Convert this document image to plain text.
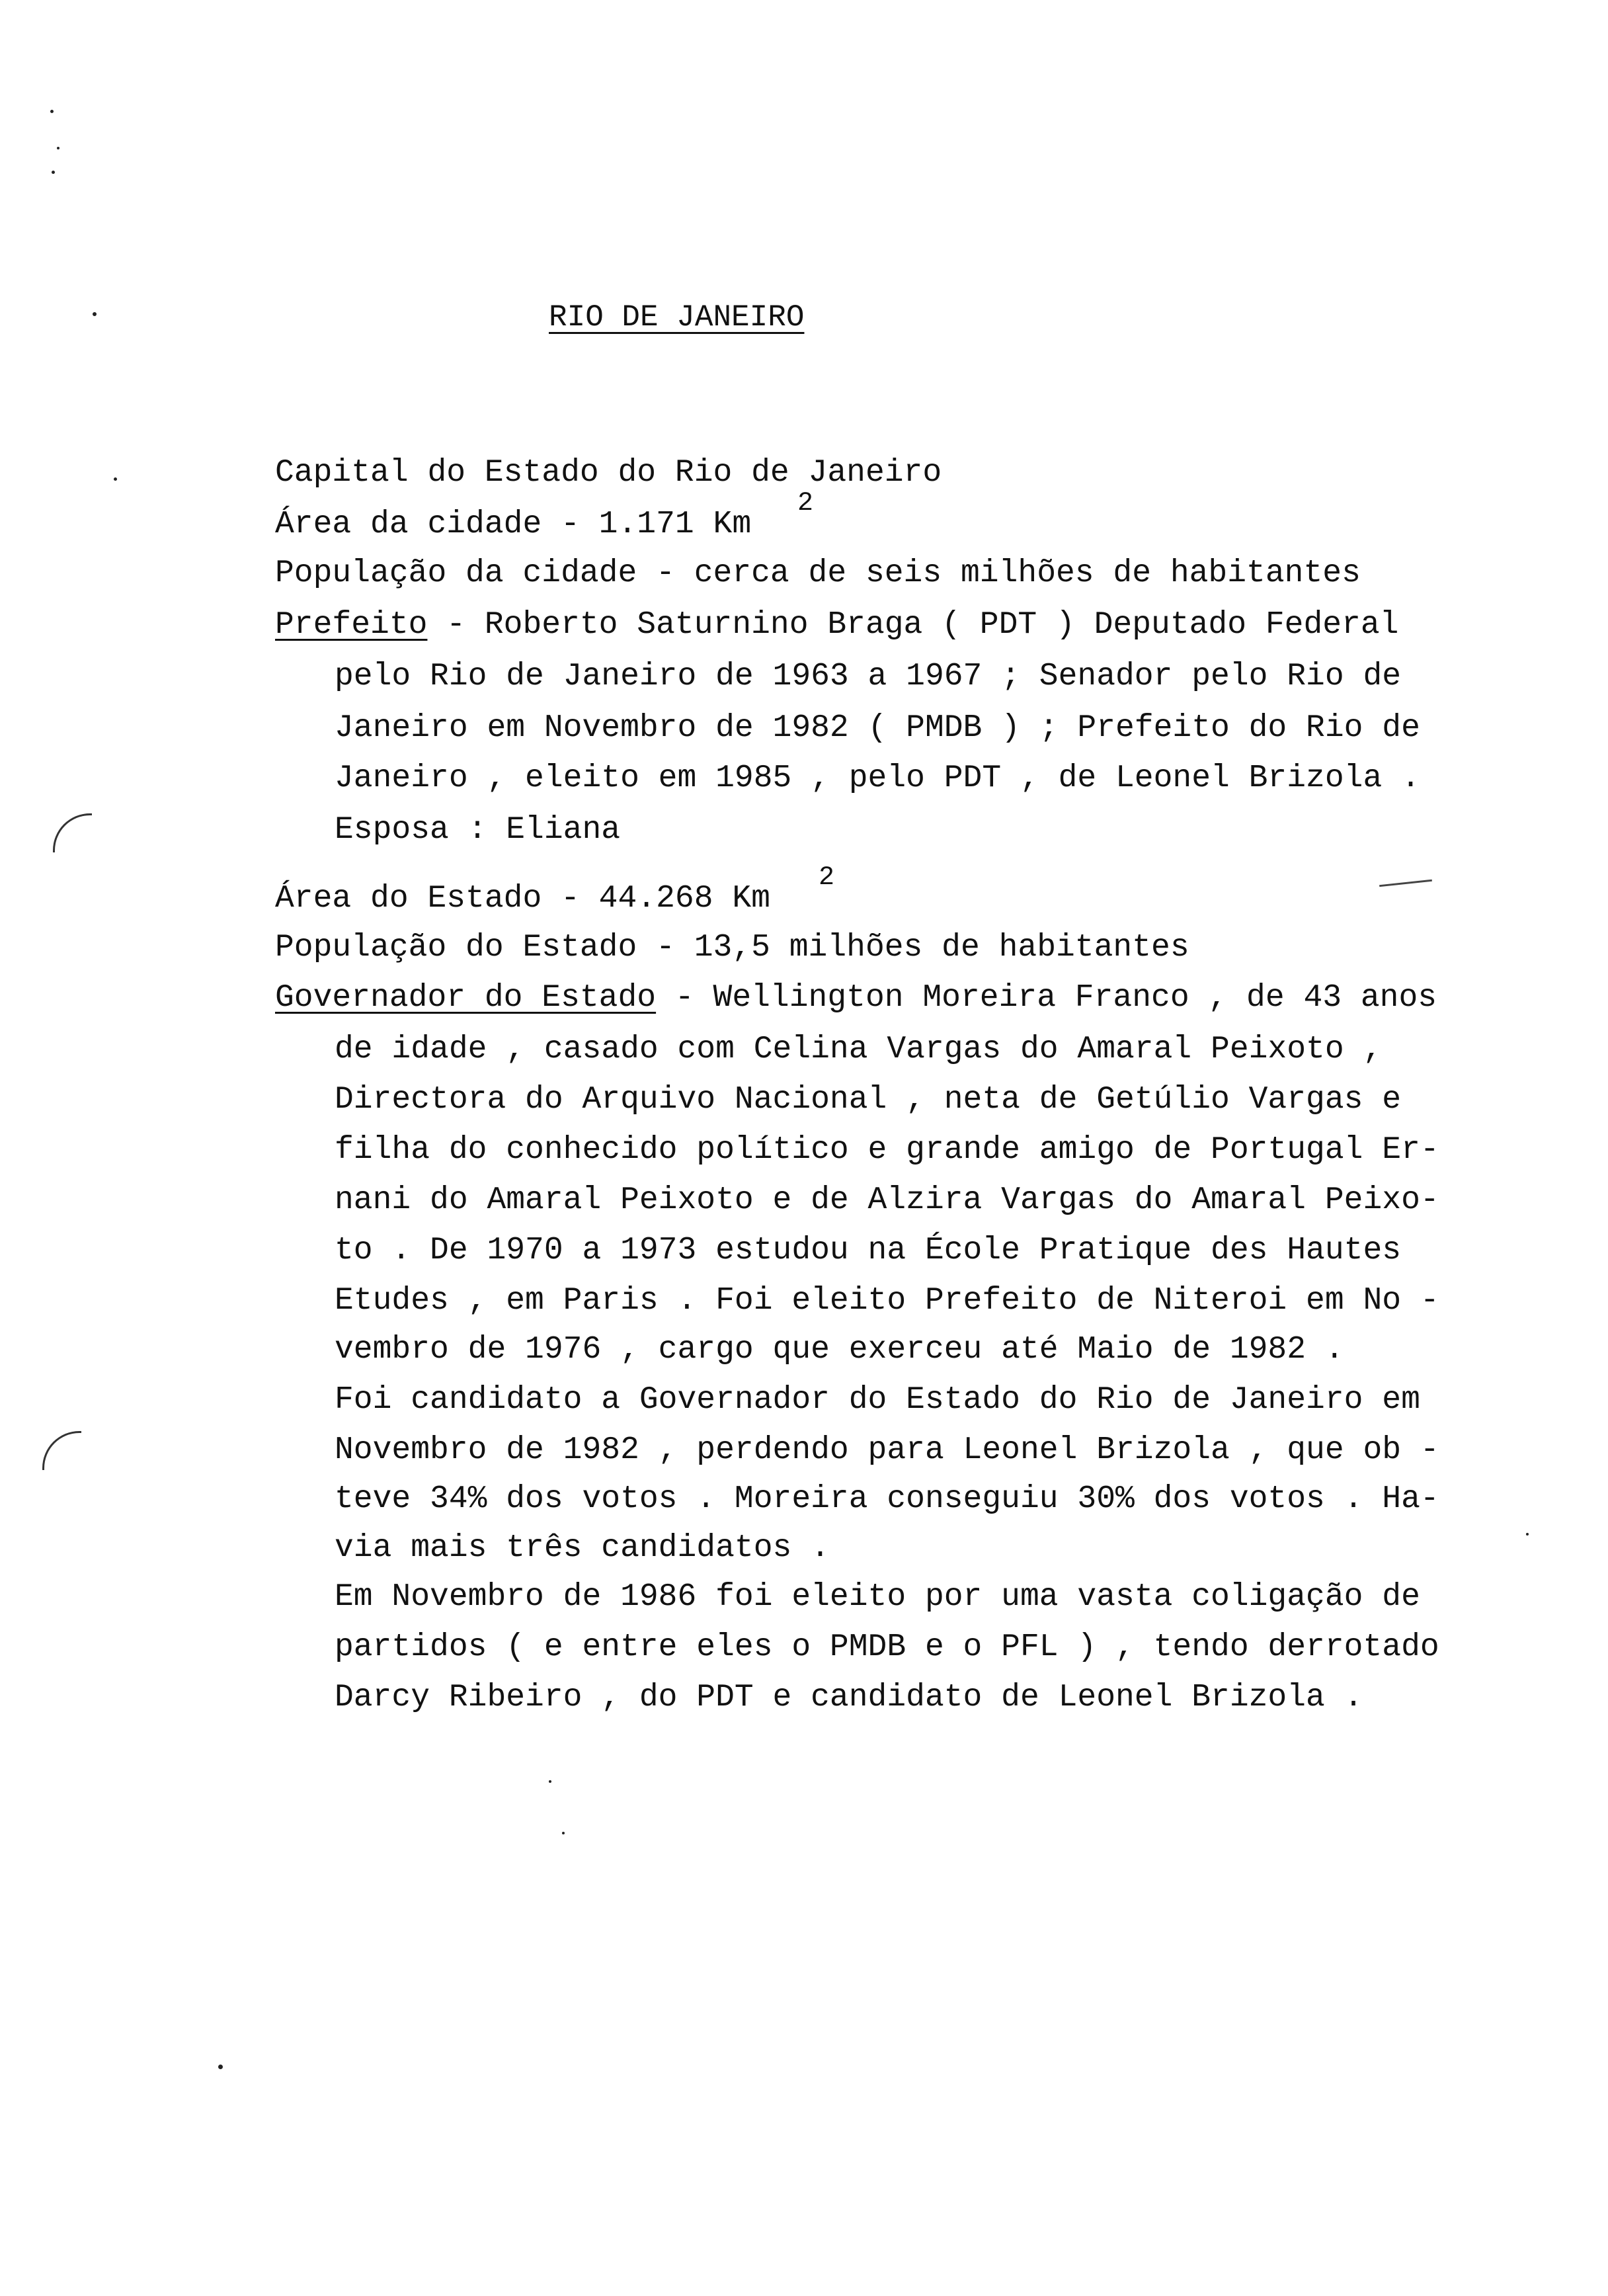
RIO DE JANEIRO
Capital do Estado do Rio de Janeiro
Área da cidade - 1.171 Km
2
População da cidade - cerca de seis milhões de habitantes
Prefeito - Roberto Saturnino Braga ( PDT ) Deputado Federal
pelo Rio de Janeiro de 1963 a 1967 ; Senador pelo Rio de
Janeiro em Novembro de 1982 ( PMDB ) ; Prefeito do Rio de
Janeiro , eleito em 1985 , pelo PDT , de Leonel Brizola .
Esposa : Eliana
Área do Estado - 44.268 Km
2
População do Estado - 13,5 milhões de habitantes
Governador do Estado - Wellington Moreira Franco , de 43 anos
de idade , casado com Celina Vargas do Amaral Peixoto ,
Directora do Arquivo Nacional , neta de Getúlio Vargas e
filha do conhecido político e grande amigo de Portugal Er-
nani do Amaral Peixoto e de Alzira Vargas do Amaral Peixo-
to . De 1970 a 1973 estudou na École Pratique des Hautes
Etudes , em Paris . Foi eleito Prefeito de Niteroi em No -
vembro de 1976 , cargo que exerceu até Maio de 1982 .
Foi candidato a Governador do Estado do Rio de Janeiro em
Novembro de 1982 , perdendo para Leonel Brizola , que ob -
teve 34% dos votos . Moreira conseguiu 30% dos votos . Ha-
via mais três candidatos .
Em Novembro de 1986 foi eleito por uma vasta coligação de
partidos ( e entre eles o PMDB e o PFL ) , tendo derrotado
Darcy Ribeiro , do PDT e candidato de Leonel Brizola .
